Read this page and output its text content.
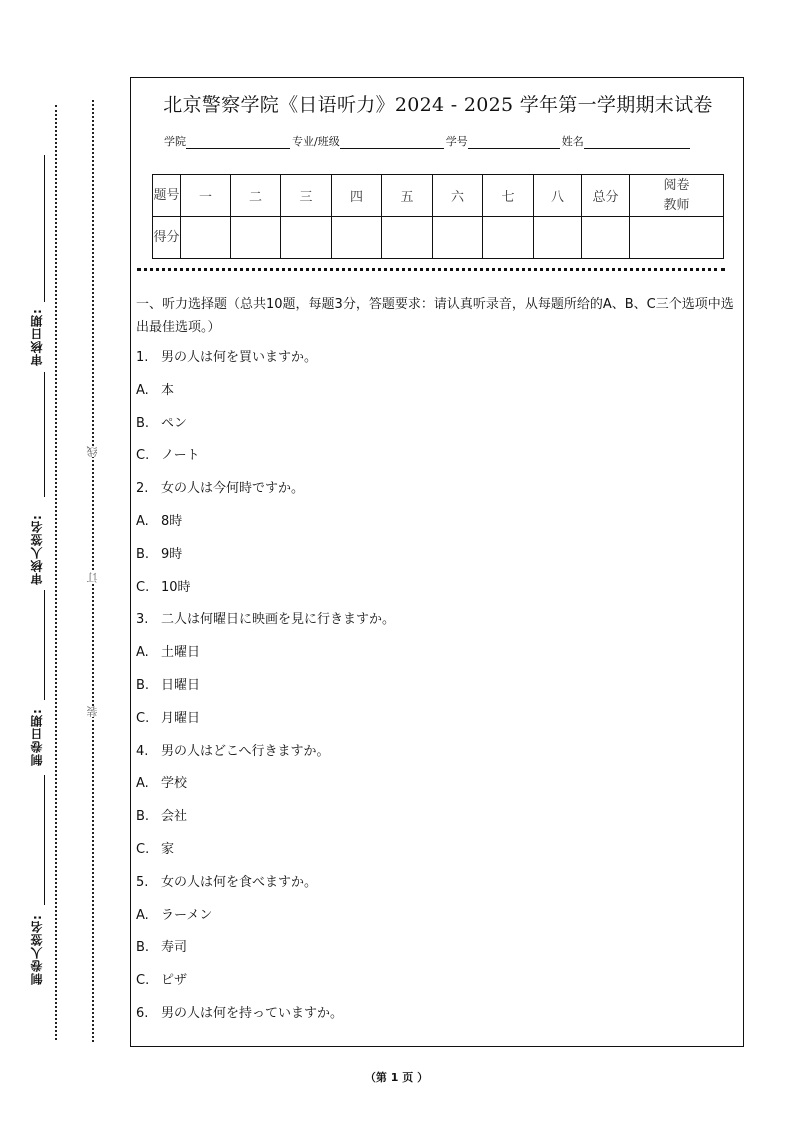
审核日期:
审核人签名:
制卷日期:
制卷人签名:
线
订
装
北京警察学院《日语听力》2024 - 2025 学年第一学期期末试卷
学院	专业/班级	学号	姓名
题号	一	二	三	四	五	六	七	八	总分	阅卷教师
得分										
一、听力选择题（总共10题，每题3分，答题要求：请认真听录音，从每题所给的A、B、C三个选项中选出最佳选项。）
1. 男の人は何を買いますか。
A. 本
B. ペン
C. ノート
2. 女の人は今何時ですか。
A. 8時
B. 9時
C. 10時
3. 二人は何曜日に映画を見に行きますか。
A. 土曜日
B. 日曜日
C. 月曜日
4. 男の人はどこへ行きますか。
A. 学校
B. 会社
C. 家
5. 女の人は何を食べますか。
A. ラーメン
B. 寿司
C. ピザ
6. 男の人は何を持っていますか。
（第 1 页 ）
